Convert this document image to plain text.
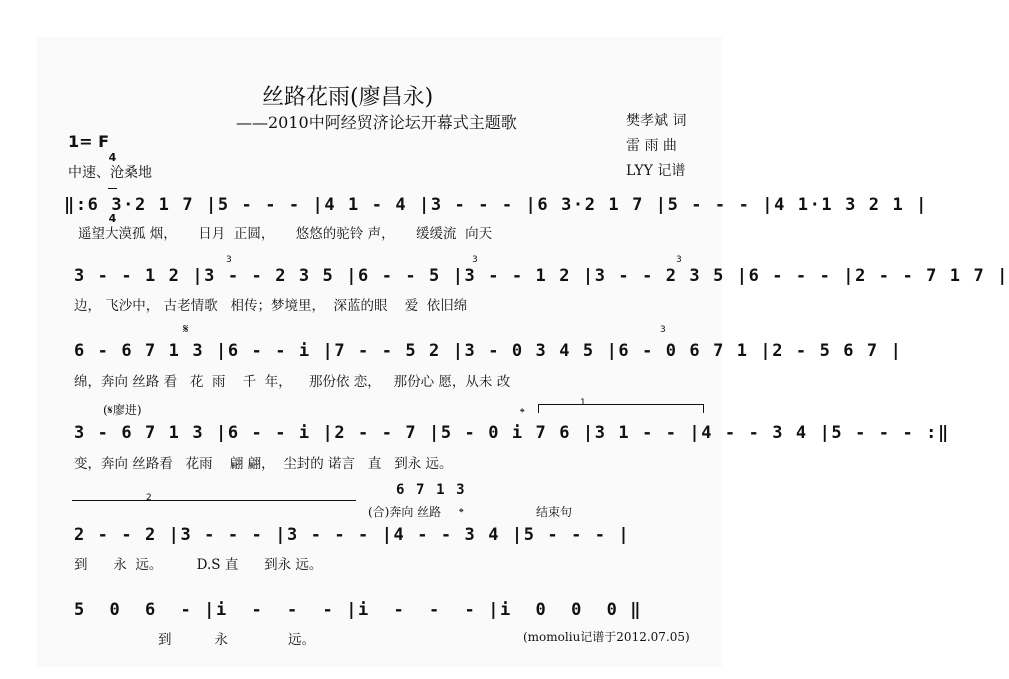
丝路花雨(廖昌永)
——2010中阿经贸济论坛开幕式主题歌	樊孝斌 词
雷 雨 曲
LYY 记谱
1= F

4

4

中速、沧桑地
‖:6 3·2 1 7 |5 - - - |4 1 - 4 |3 - - - |6 3·2 1 7 |5 - - - |4 1·1 3 2 1 |
遥望大漠孤 烟，     日月  正圆，     悠悠的驼铃 声，     缓缓流  向天
3 - - 1 2 |3 - - 2 3 5 |6 - - 5 |3 - - 1 2 |3 - - 2 3 5 |6 - - - |2 - - 7 1 7 |
边， 飞沙中， 古老情歌   相传；梦境里，  深蓝的眼    爱  依旧绵
3	3	3
6 - 6 7 1 3 |6 - - i |7 - - 5 2 |3 - 0 3 4 5 |6 - 0 6 7 1 |2 - 5 6 7 |
绵，奔向 丝路 看   花  雨    千  年，    那份依 恋，   那份心 愿，从未 改
𝄋	3
(𝄋廖进)	𝄌
1
3 - 6 7 1 3 |6 - - i |2 - - 7 |5 - 0 i 7 6 |3 1 - - |4 - - 3 4 |5 - - - :‖
变，奔向 丝路看   花雨    翩 翩，  尘封的 诺言   直   到永 远。
2	6 7 1 3
(合)奔向 丝路 𝄌	结束句
2 - - 2 |3 - - - |3 - - - |4 - - 3 4 |5 - - - |
到      永  远。        D.S 直      到永 远。
5  0  6  - |i  -  -  - |i  -  -  - |i  0  0  0 ‖
到          永              远。	(momoliu记谱于2012.07.05)
